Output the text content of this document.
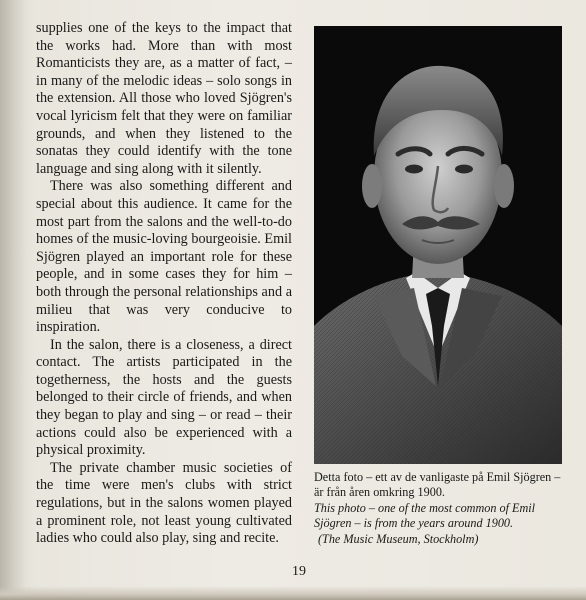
supplies one of the keys to the impact that the works had. More than with most Romanticists they are, as a matter of fact, – in many of the melodic ideas – solo songs in the extension. All those who loved Sjögren's vocal lyricism felt that they were on familiar grounds, and when they listened to the sonatas they could identify with the tone language and sing along with it silently.

There was also something different and special about this audience. It came for the most part from the salons and the well-to-do homes of the music-loving bourgeoisie. Emil Sjögren played an important role for these people, and in some cases they for him – both through the personal relationships and a milieu that was very conducive to inspiration.

In the salon, there is a closeness, a direct contact. The artists participated in the togetherness, the hosts and the guests belonged to their circle of friends, and when they began to play and sing – or read – their actions could also be experienced with a physical proximity.

The private chamber music societies of the time were men's clubs with strict regulations, but in the salons women played a prominent role, not least young cultivated ladies who could also play, sing and recite.

Detta foto – ett av de vanligaste på Emil Sjögren – är från åren omkring 1900.
This photo – one of the most common of Emil Sjögren – is from the years around 1900.
(The Music Museum, Stockholm)
19
